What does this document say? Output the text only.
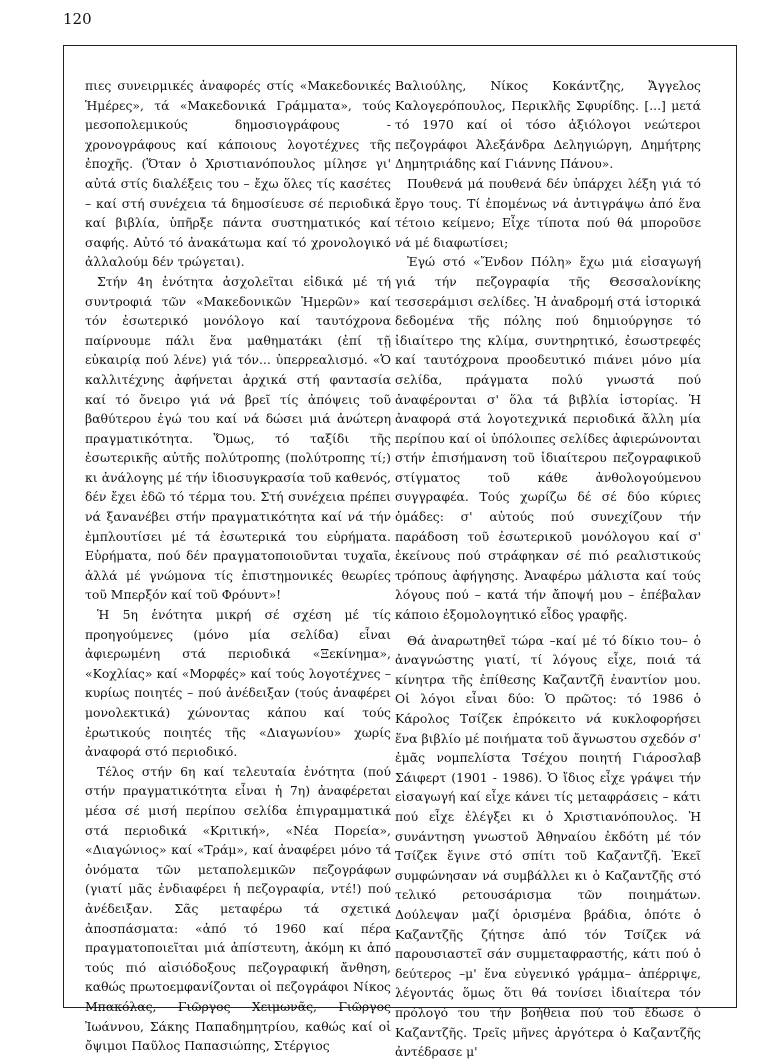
120

πιες συνειρμικές ἀναφορές στίς «Μακεδονικές Ἡμέρες», τά «Μακεδονικά Γράμματα», τούς μεσοπολεμικούς δημοσιογράφους - χρονογράφους καί κάποιους λογοτέχνες τῆς ἐποχῆς. (Ὅταν ὁ Χριστιανόπουλος μίλησε γι' αὐτά στίς διαλέξεις του – ἔχω ὅλες τίς κασέτες – καί στή συνέχεια τά δημοσίευσε σέ περιοδικά καί βιβλία, ὑπῆρξε πάντα συστηματικός καί σαφής. Αὐτό τό ἀνακάτωμα καί τό χρονολογικό ἀλλαλούμ δέν τρώγεται).

Στήν 4η ἑνότητα ἀσχολεῖται εἰδικά μέ τή συντροφιά τῶν «Μακεδονικῶν Ἡμερῶν» καί τόν ἐσωτερικό μονόλογο καί ταυτόχρονα παίρνουμε πάλι ἕνα μαθηματάκι (ἐπί τῇ εὐκαιρίᾳ πού λένε) γιά τόν... ὑπερρεαλισμό. «Ὁ καλλιτέχνης ἀφήνεται ἀρχικά στή φαντασία καί τό ὄνειρο γιά νά βρεῖ τίς ἀπόψεις τοῦ βαθύτερου ἐγώ του καί νά δώσει μιά ἀνώτερη πραγματικότητα. Ὅμως, τό ταξίδι τῆς ἐσωτερικῆς αὐτῆς πολύτροπης (πολύτροπης τί;) κι ἀνάλογης μέ τήν ἰδιοσυγκρασία τοῦ καθενός, δέν ἔχει ἐδῶ τό τέρμα του. Στή συνέχεια πρέπει νά ξανανέβει στήν πραγματικότητα καί νά τήν ἐμπλουτίσει μέ τά ἐσωτερικά του εὑρήματα. Εὑρήματα, πού δέν πραγματοποιοῦνται τυχαῖα, ἀλλά μέ γνώμονα τίς ἐπιστημονικές θεωρίες τοῦ Μπερξόν καί τοῦ Φρόυντ»!

Ἡ 5η ἑνότητα μικρή σέ σχέση μέ τίς προηγούμενες (μόνο μία σελίδα) εἶναι ἀφιερωμένη στά περιοδικά «Ξεκίνημα», «Κοχλίας» καί «Μορφές» καί τούς λογοτέχνες – κυρίως ποιητές – πού ἀνέδειξαν (τούς ἀναφέρει μονολεκτικά) χώνοντας κάπου καί τούς ἐρωτικούς ποιητές τῆς «Διαγωνίου» χωρίς ἀναφορά στό περιοδικό.

Τέλος στήν 6η καί τελευταία ἑνότητα (πού στήν πραγματικότητα εἶναι ἡ 7η) ἀναφέρεται μέσα σέ μισή περίπου σελίδα ἐπιγραμματικά στά περιοδικά «Κριτική», «Νέα Πορεία», «Διαγώνιος» καί «Τράμ», καί ἀναφέρει μόνο τά ὀνόματα τῶν μεταπολεμικῶν πεζογράφων (γιατί μᾶς ἐνδιαφέρει ἡ πεζογραφία, ντέ!) πού ἀνέδειξαν. Σᾶς μεταφέρω τά σχετικά ἀποσπάσματα: «ἀπό τό 1960 καί πέρα πραγματοποιεῖται μιά ἀπίστευτη, ἀκόμη κι ἀπό τούς πιό αἰσιόδοξους πεζογραφική ἄνθηση, καθώς πρωτοεμφανίζονται οἱ πεζογράφοι Νίκος Μπακόλας, Γιῶργος Χειμωνᾶς, Γιῶργος Ἰωάννου, Σάκης Παπαδημητρίου, καθώς καί οἱ ὄψιμοι Παῦλος Παπασιώπης, Στέργιος

Βαλιούλης, Νίκος Κοκάντζης, Ἄγγελος Καλογερόπουλος, Περικλῆς Σφυρίδης. [...] μετά τό 1970 καί οἱ τόσο ἀξιόλογοι νεώτεροι πεζογράφοι Ἀλεξάνδρα Δεληγιώργη, Δημήτρης Δημητριάδης καί Γιάννης Πάνου».

Πουθενά μά πουθενά δέν ὑπάρχει λέξη γιά τό ἔργο τους. Τί ἐπομένως νά ἀντιγράψω ἀπό ἕνα τέτοιο κείμενο; Εἶχε τίποτα πού θά μποροῦσε νά μέ διαφωτίσει;

Ἐγώ στό «Ἔνδον Πόλη» ἔχω μιά εἰσαγωγή γιά τήν πεζογραφία τῆς Θεσσαλονίκης τεσσεράμισι σελίδες. Ἡ ἀναδρομή στά ἱστορικά δεδομένα τῆς πόλης πού δημιούργησε τό ἰδιαίτερο της κλίμα, συντηρητικό, ἐσωστρεφές καί ταυτόχρονα προοδευτικό πιάνει μόνο μία σελίδα, πράγματα πολύ γνωστά πού ἀναφέρονται σ' ὅλα τά βιβλία ἱστορίας. Ἡ ἀναφορά στά λογοτεχνικά περιοδικά ἄλλη μία περίπου καί οἱ ὑπόλοιπες σελίδες ἀφιερώνονται στήν ἐπισήμανση τοῦ ἰδιαίτερου πεζογραφικοῦ στίγματος τοῦ κάθε ἀνθολογούμενου συγγραφέα. Τούς χωρίζω δέ σέ δύο κύριες ὁμάδες: σ' αὐτούς πού συνεχίζουν τήν παράδοση τοῦ ἐσωτερικοῦ μονόλογου καί σ' ἐκείνους πού στράφηκαν σέ πιό ρεαλιστικούς τρόπους ἀφήγησης. Ἀναφέρω μάλιστα καί τούς λόγους πού – κατά τήν ἄποψή μου – ἐπέβαλαν κάποιο ἐξομολογητικό εἶδος γραφῆς.

Θά ἀναρωτηθεῖ τώρα –καί μέ τό δίκιο του– ὁ ἀναγνώστης γιατί, τί λόγους εἶχε, ποιά τά κίνητρα τῆς ἐπίθεσης Καζαντζῆ ἐναντίον μου. Οἱ λόγοι εἶναι δύο: Ὁ πρῶτος: τό 1986 ὁ Κάρολος Τσίζεκ ἐπρόκειτο νά κυκλοφορήσει ἕνα βιβλίο μέ ποιήματα τοῦ ἄγνωστου σχεδόν σ' ἐμᾶς νομπελίστα Τσέχου ποιητή Γιάροσλαβ Σάιφερτ (1901 - 1986). Ὁ ἴδιος εἶχε γράψει τήν εἰσαγωγή καί εἶχε κάνει τίς μεταφράσεις – κάτι πού εἶχε ἐλέγξει κι ὁ Χριστιανόπουλος. Ἡ συνάντηση γνωστοῦ Ἀθηναίου ἐκδότη μέ τόν Τσίζεκ ἔγινε στό σπίτι τοῦ Καζαντζῆ. Ἐκεῖ συμφώνησαν νά συμβάλλει κι ὁ Καζαντζῆς στό τελικό ρετουσάρισμα τῶν ποιημάτων. Δούλεψαν μαζί ὁρισμένα βράδια, ὁπότε ὁ Καζαντζῆς ζήτησε ἀπό τόν Τσίζεκ νά παρουσιαστεῖ σάν συμμεταφραστής, κάτι πού ὁ δεύτερος –μ' ἕνα εὐγενικό γράμμα– ἀπέρριψε, λέγοντάς ὅμως ὅτι θά τονίσει ἰδιαίτερα τόν πρόλογό του τήν βοήθεια πού τοῦ ἔδωσε ὁ Καζαντζῆς. Τρεῖς μῆνες ἀργότερα ὁ Καζαντζῆς ἀντέδρασε μ'
